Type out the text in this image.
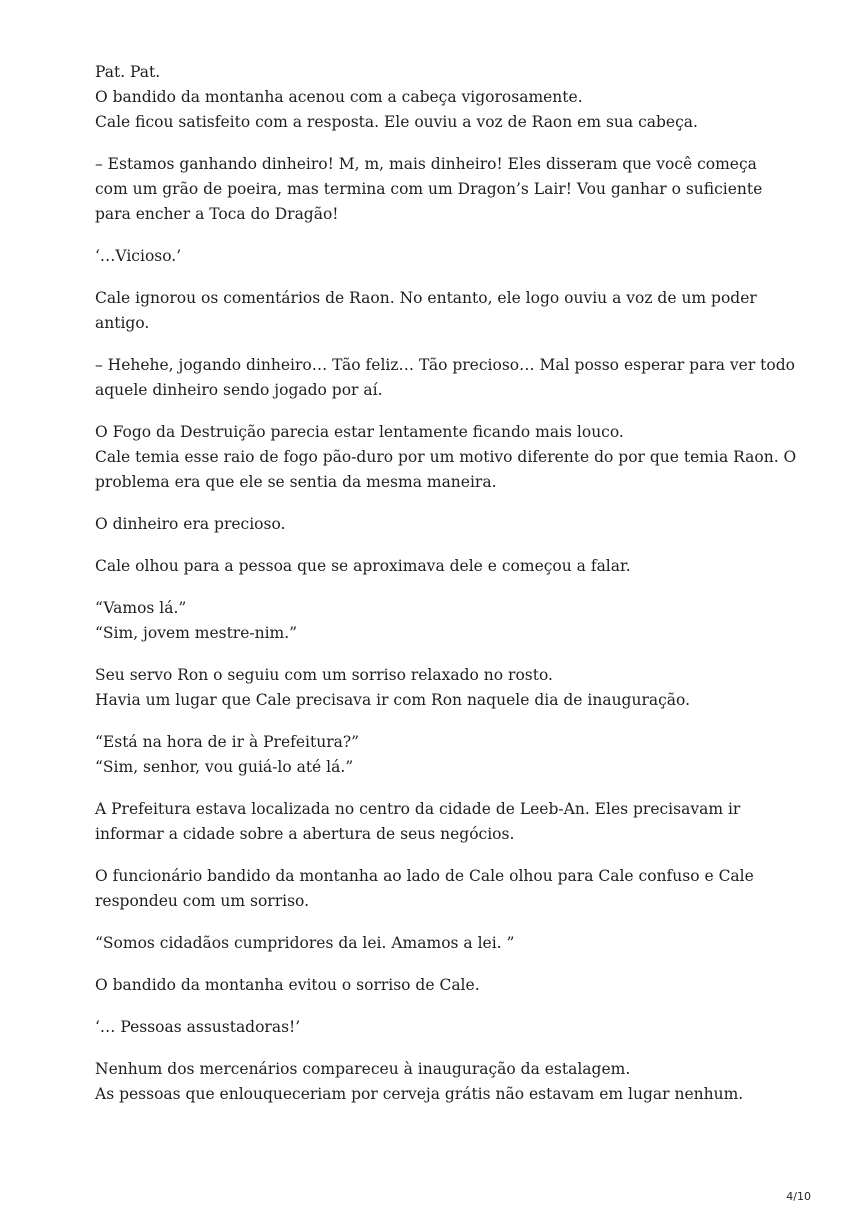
Pat. Pat.
O bandido da montanha acenou com a cabeça vigorosamente.
Cale ficou satisfeito com a resposta. Ele ouviu a voz de Raon em sua cabeça.

– Estamos ganhando dinheiro! M, m, mais dinheiro! Eles disseram que você começa
com um grão de poeira, mas termina com um Dragon’s Lair! Vou ganhar o suficiente
para encher a Toca do Dragão!

‘…Vicioso.’

Cale ignorou os comentários de Raon. No entanto, ele logo ouviu a voz de um poder
antigo.

– Hehehe, jogando dinheiro… Tão feliz… Tão precioso… Mal posso esperar para ver todo
aquele dinheiro sendo jogado por aí.

O Fogo da Destruição parecia estar lentamente ficando mais louco.
Cale temia esse raio de fogo pão-duro por um motivo diferente do por que temia Raon. O
problema era que ele se sentia da mesma maneira.

O dinheiro era precioso.

Cale olhou para a pessoa que se aproximava dele e começou a falar.

“Vamos lá.”
“Sim, jovem mestre-nim.”

Seu servo Ron o seguiu com um sorriso relaxado no rosto.
Havia um lugar que Cale precisava ir com Ron naquele dia de inauguração.

“Está na hora de ir à Prefeitura?”
“Sim, senhor, vou guiá-lo até lá.”

A Prefeitura estava localizada no centro da cidade de Leeb-An. Eles precisavam ir
informar a cidade sobre a abertura de seus negócios.

O funcionário bandido da montanha ao lado de Cale olhou para Cale confuso e Cale
respondeu com um sorriso.

“Somos cidadãos cumpridores da lei. Amamos a lei. ”

O bandido da montanha evitou o sorriso de Cale.

‘… Pessoas assustadoras!’

Nenhum dos mercenários compareceu à inauguração da estalagem.
As pessoas que enlouqueceriam por cerveja grátis não estavam em lugar nenhum.

4/10
